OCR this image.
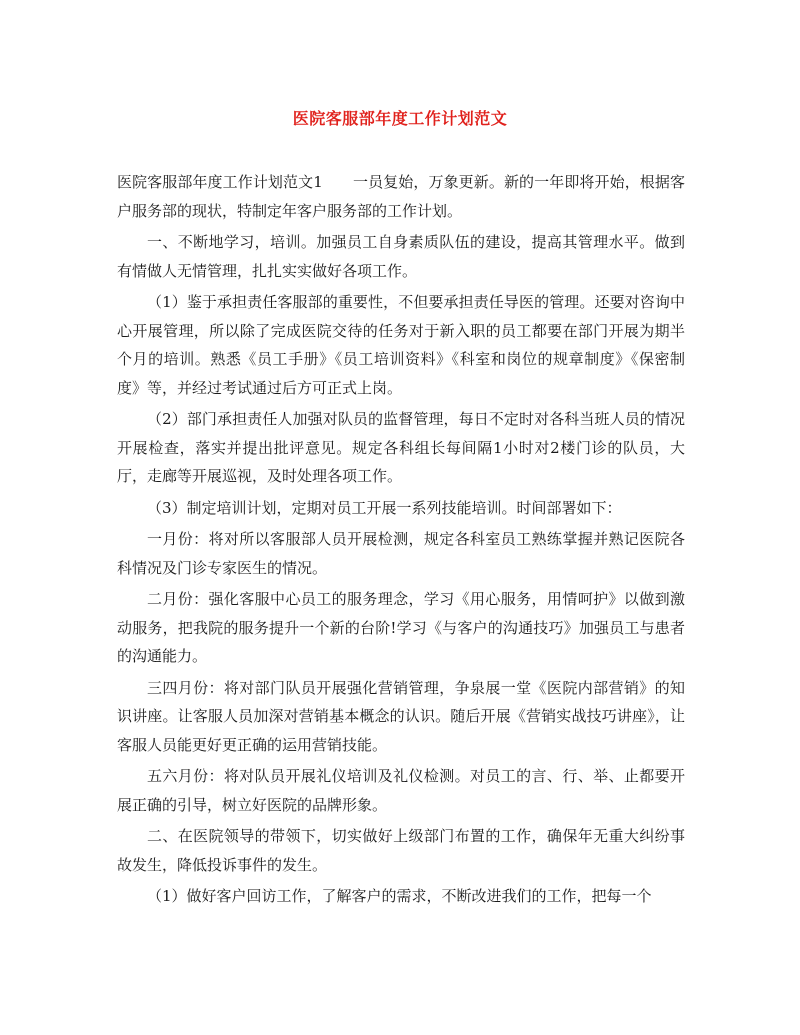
医院客服部年度工作计划范文

医院客服部年度工作计划范文1　　一员复始，万象更新。新的一年即将开始，根据客户服务部的现状，特制定年客户服务部的工作计划。

一、不断地学习，培训。加强员工自身素质队伍的建设，提高其管理水平。做到有情做人无情管理，扎扎实实做好各项工作。

（1）鉴于承担责任客服部的重要性，不但要承担责任导医的管理。还要对咨询中心开展管理，所以除了完成医院交待的任务对于新入职的员工都要在部门开展为期半个月的培训。熟悉《员工手册》《员工培训资料》《科室和岗位的规章制度》《保密制度》等，并经过考试通过后方可正式上岗。

（2）部门承担责任人加强对队员的监督管理，每日不定时对各科当班人员的情况开展检查，落实并提出批评意见。规定各科组长每间隔1小时对2楼门诊的队员，大厅，走廊等开展巡视，及时处理各项工作。

（3）制定培训计划，定期对员工开展一系列技能培训。时间部署如下：

一月份：将对所以客服部人员开展检测，规定各科室员工熟练掌握并熟记医院各科情况及门诊专家医生的情况。

二月份：强化客服中心员工的服务理念，学习《用心服务，用情呵护》以做到激动服务，把我院的服务提升一个新的台阶!学习《与客户的沟通技巧》加强员工与患者的沟通能力。

三四月份：将对部门队员开展强化营销管理，争泉展一堂《医院内部营销》的知识讲座。让客服人员加深对营销基本概念的认识。随后开展《营销实战技巧讲座》，让客服人员能更好更正确的运用营销技能。

五六月份：将对队员开展礼仪培训及礼仪检测。对员工的言、行、举、止都要开展正确的引导，树立好医院的品牌形象。

二、在医院领导的带领下，切实做好上级部门布置的工作，确保年无重大纠纷事故发生，降低投诉事件的发生。

（1）做好客户回访工作，了解客户的需求，不断改进我们的工作，把每一个
